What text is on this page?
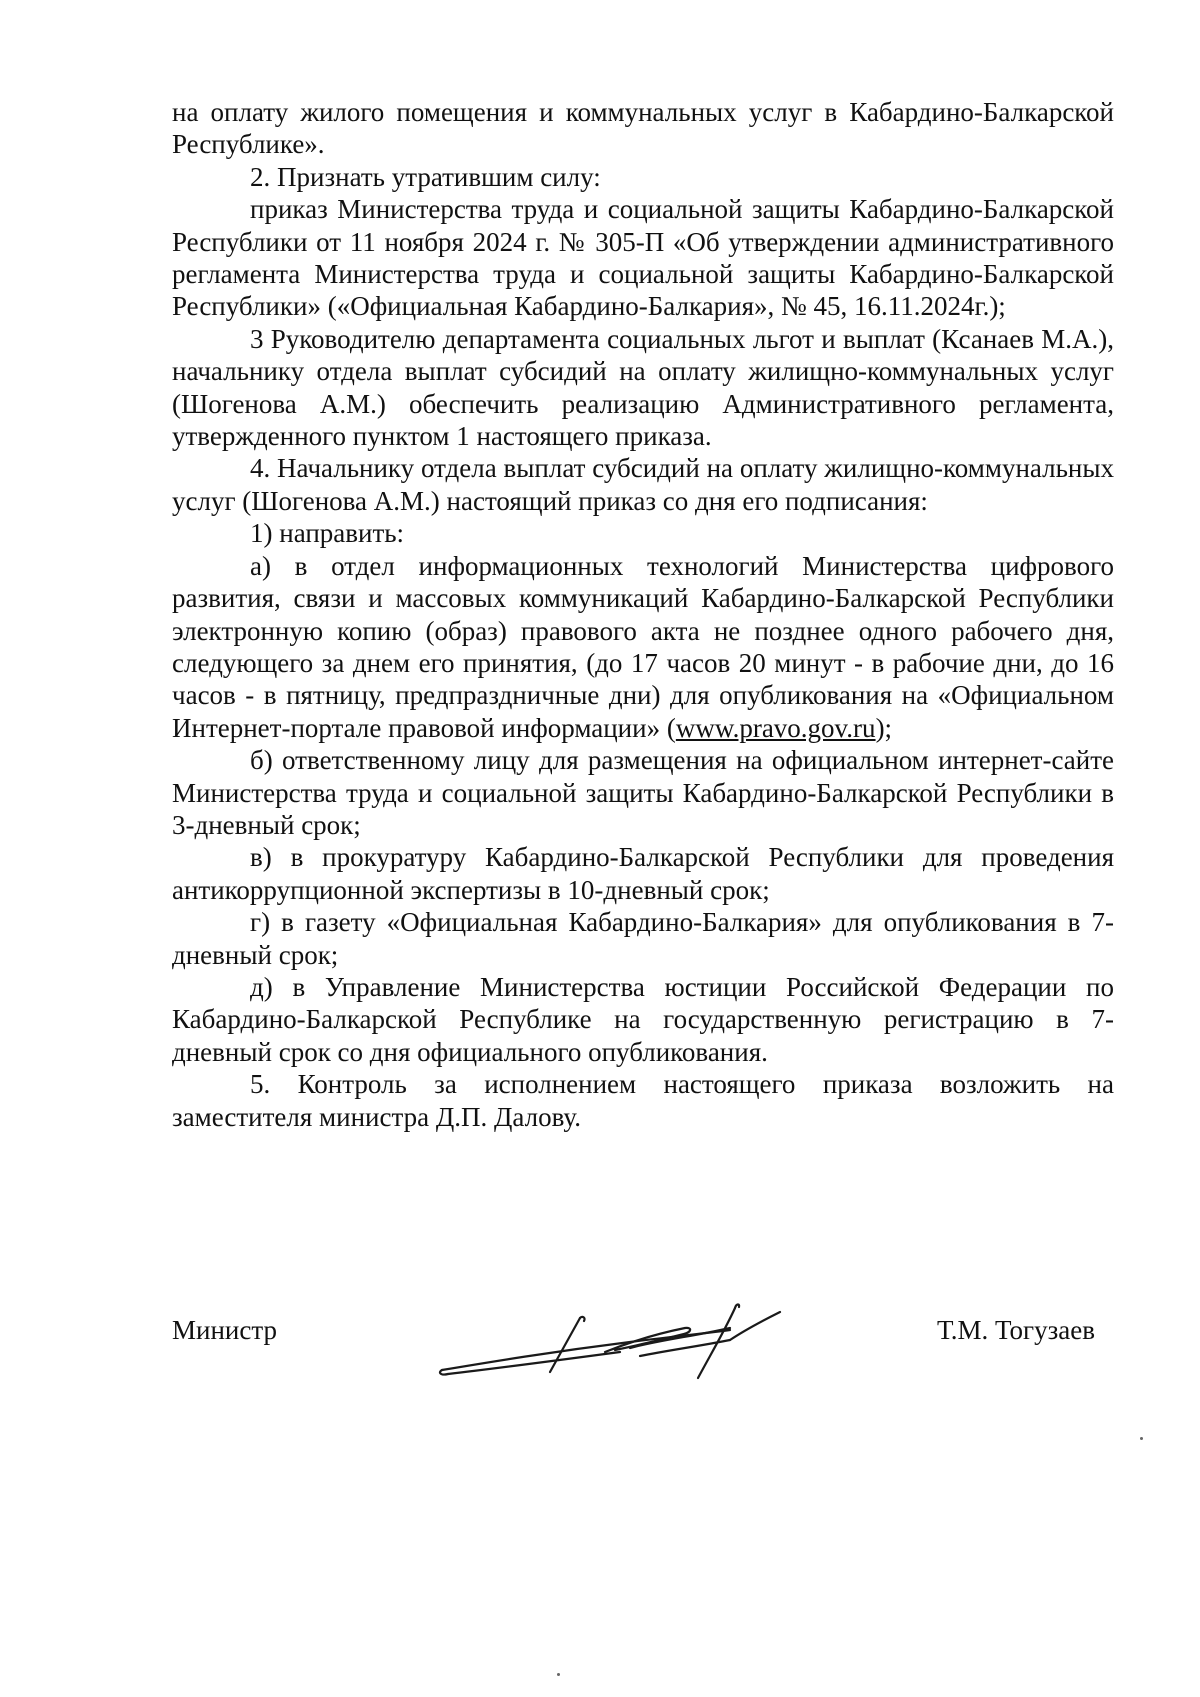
на оплату жилого помещения и коммунальных услуг в Кабардино-Балкарской Республике».

2. Признать утратившим силу:

приказ Министерства труда и социальной защиты Кабардино-Балкарской Республики от 11 ноября 2024 г. № 305-П «Об утверждении административного регламента Министерства труда и социальной защиты Кабардино-Балкарской Республики» («Официальная Кабардино-Балкария», № 45, 16.11.2024г.);

3 Руководителю департамента социальных льгот и выплат (Ксанаев М.А.), начальнику отдела выплат субсидий на оплату жилищно-коммунальных услуг (Шогенова А.М.) обеспечить реализацию Административного регламента, утвержденного пунктом 1 настоящего приказа.

4. Начальнику отдела выплат субсидий на оплату жилищно-коммунальных услуг (Шогенова А.М.) настоящий приказ со дня его подписания:

1) направить:

а) в отдел информационных технологий Министерства цифрового развития, связи и массовых коммуникаций Кабардино-Балкарской Республики электронную копию (образ) правового акта не позднее одного рабочего дня, следующего за днем его принятия, (до 17 часов 20 минут - в рабочие дни, до 16 часов - в пятницу, предпраздничные дни) для опубликования на «Официальном Интернет-портале правовой информации» (www.pravo.gov.ru);

б) ответственному лицу для размещения на официальном интернет-сайте Министерства труда и социальной защиты Кабардино-Балкарской Республики в 3-дневный срок;

в) в прокуратуру Кабардино-Балкарской Республики для проведения антикоррупционной экспертизы в 10-дневный срок;

г) в газету «Официальная Кабардино-Балкария» для опубликования в 7-дневный срок;

д) в Управление Министерства юстиции Российской Федерации по Кабардино-Балкарской Республике на государственную регистрацию в 7-дневный срок со дня официального опубликования.

5. Контроль за исполнением настоящего приказа возложить на заместителя министра Д.П. Далову.

Министр	Т.М. Тогузаев
